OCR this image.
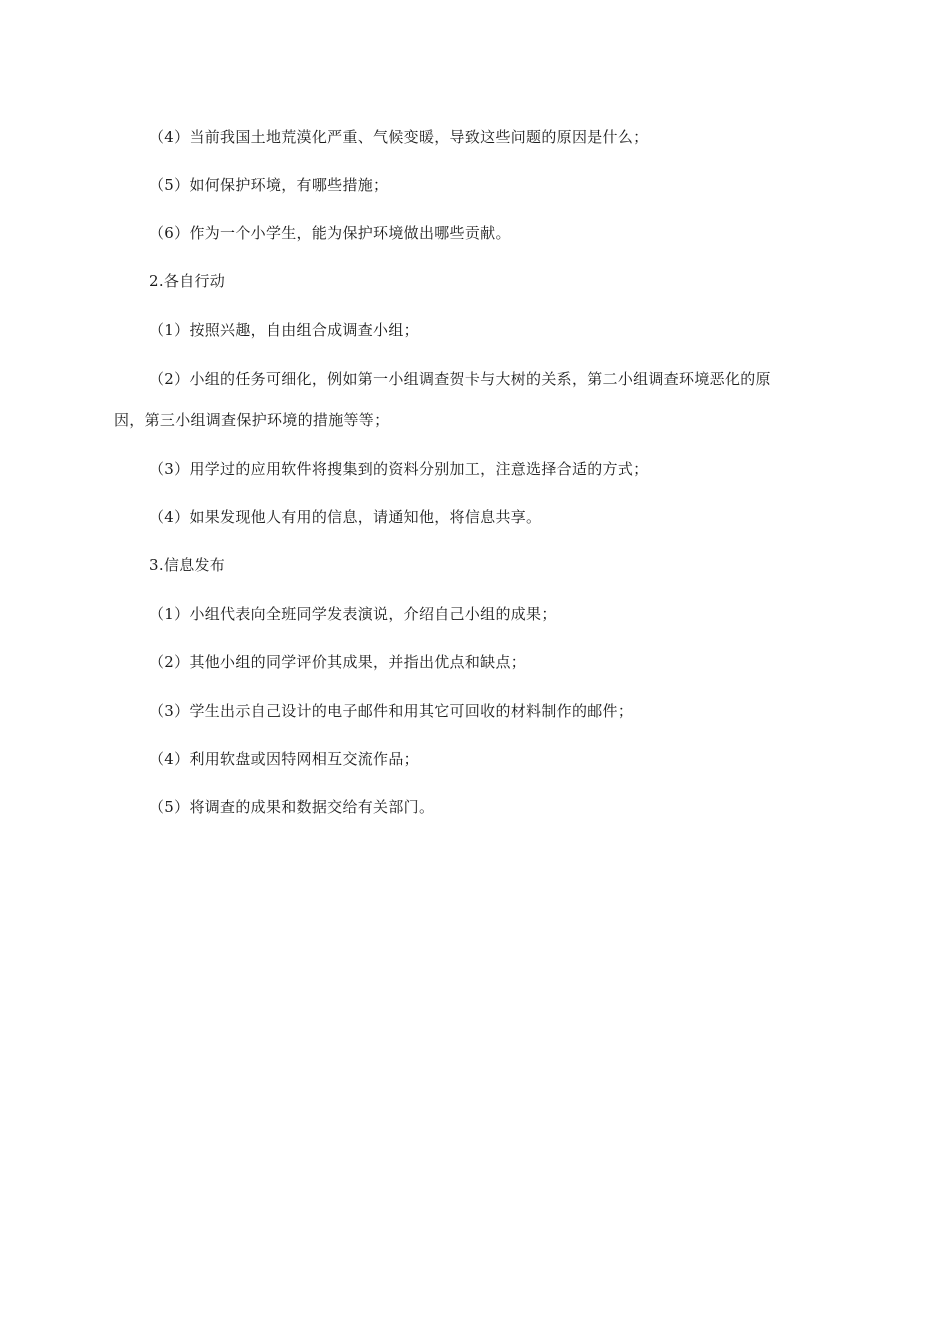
（4）当前我国土地荒漠化严重、气候变暖，导致这些问题的原因是什么；
（5）如何保护环境，有哪些措施；
（6）作为一个小学生，能为保护环境做出哪些贡献。
2.各自行动
（1）按照兴趣，自由组合成调查小组；
（2）小组的任务可细化，例如第一小组调查贺卡与大树的关系，第二小组调查环境恶化的原
因，第三小组调查保护环境的措施等等；
（3）用学过的应用软件将搜集到的资料分别加工，注意选择合适的方式；
（4）如果发现他人有用的信息，请通知他，将信息共享。
3.信息发布
（1）小组代表向全班同学发表演说，介绍自己小组的成果；
（2）其他小组的同学评价其成果，并指出优点和缺点；
（3）学生出示自己设计的电子邮件和用其它可回收的材料制作的邮件；
（4）利用软盘或因特网相互交流作品；
（5）将调查的成果和数据交给有关部门。
